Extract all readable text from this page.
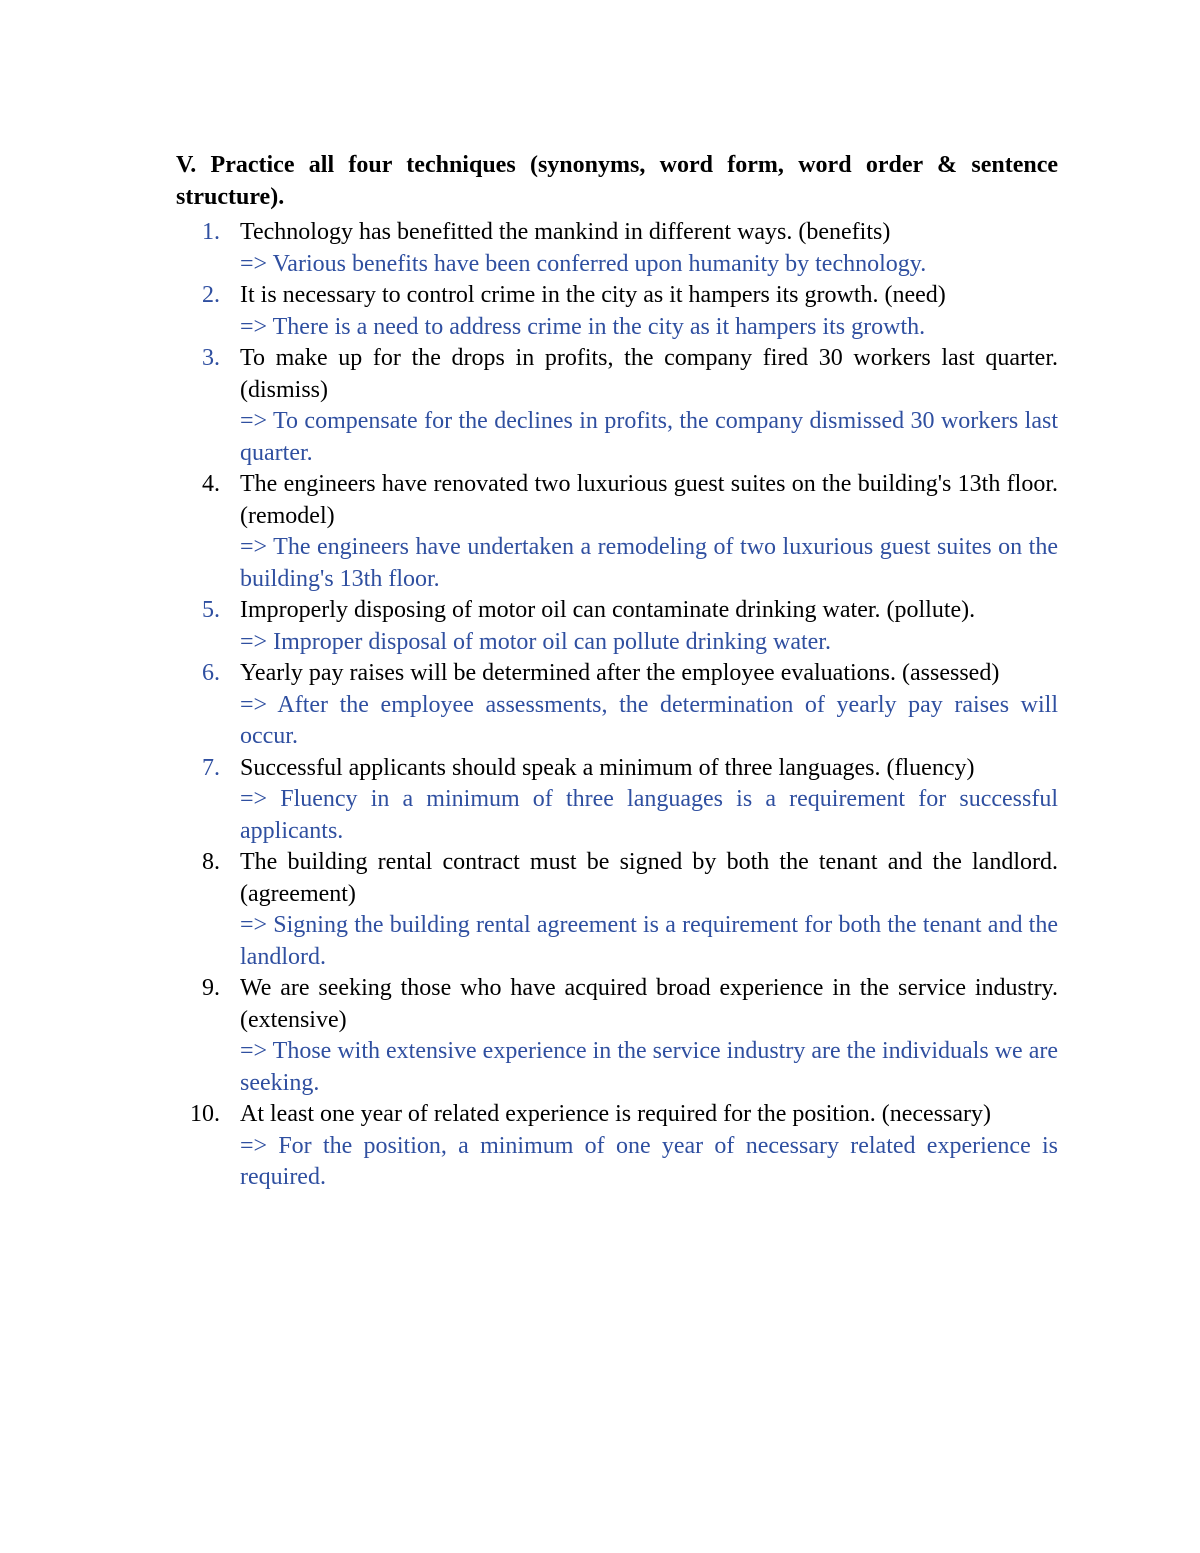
V. Practice all four techniques (synonyms, word form, word order & sentence structure).

1. Technology has benefitted the mankind in different ways. (benefits)

=> Various benefits have been conferred upon humanity by technology.

2. It is necessary to control crime in the city as it hampers its growth. (need)

=> There is a need to address crime in the city as it hampers its growth.

3. To make up for the drops in profits, the company fired 30 workers last quarter.(dismiss)

=> To compensate for the declines in profits, the company dismissed 30 workers last quarter.

4. The engineers have renovated two luxurious guest suites on the building's 13th floor. (remodel)

=> The engineers have undertaken a remodeling of two luxurious guest suites on the building's 13th floor.

5. Improperly disposing of motor oil can contaminate drinking water. (pollute).

=> Improper disposal of motor oil can pollute drinking water.

6. Yearly pay raises will be determined after the employee evaluations. (assessed)

=> After the employee assessments, the determination of yearly pay raises will occur.

7. Successful applicants should speak a minimum of three languages. (fluency)

=> Fluency in a minimum of three languages is a requirement for successful applicants.

8. The building rental contract must be signed by both the tenant and the landlord. (agreement)

=> Signing the building rental agreement is a requirement for both the tenant and the landlord.

9. We are seeking those who have acquired broad experience in the service industry. (extensive)

=> Those with extensive experience in the service industry are the individuals we are seeking.

10. At least one year of related experience is required for the position. (necessary)

=> For the position, a minimum of one year of necessary related experience is required.
